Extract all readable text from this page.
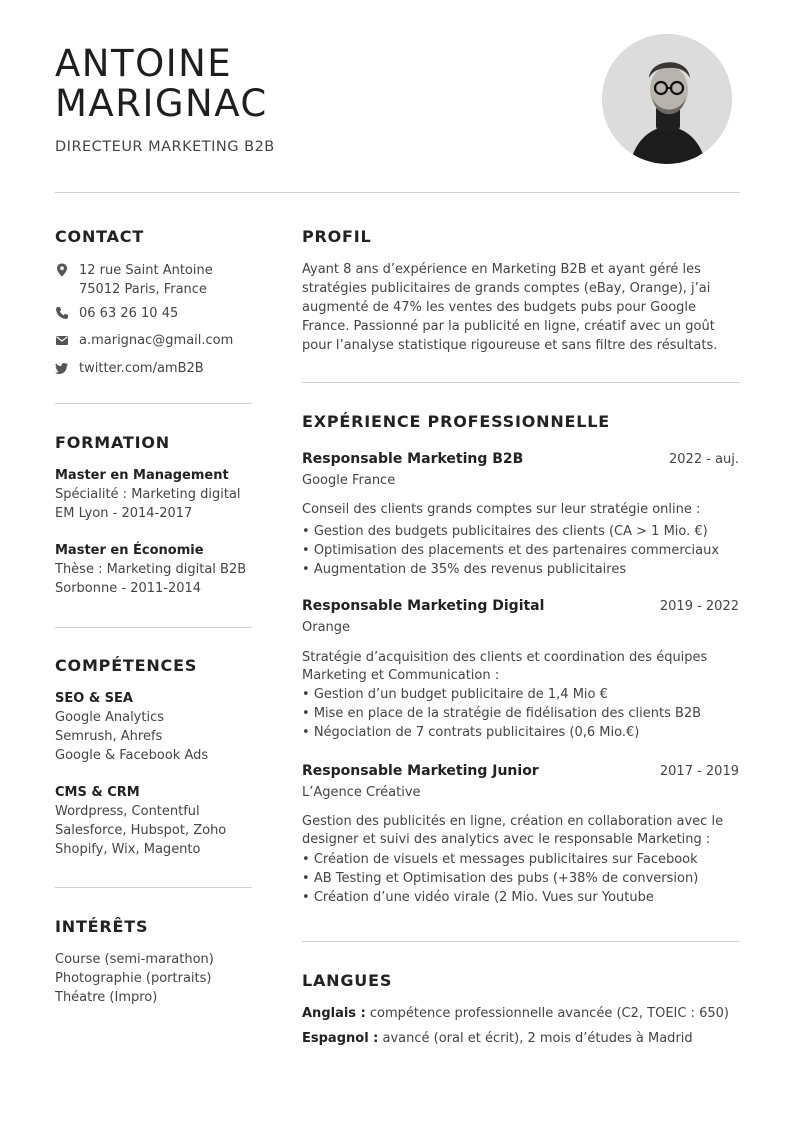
ANTOINE
MARIGNAC
DIRECTEUR MARKETING B2B
CONTACT
12 rue Saint Antoine
75012 Paris, France
06 63 26 10 45
a.marignac@gmail.com
twitter.com/amB2B
FORMATION
Master en Management
Spécialité : Marketing digital
EM Lyon - 2014-2017
Master en Économie
Thèse : Marketing digital B2B
Sorbonne - 2011-2014
COMPÉTENCES
SEO & SEA
Google Analytics
Semrush, Ahrefs
Google & Facebook Ads
CMS & CRM
Wordpress, Contentful
Salesforce, Hubspot, Zoho
Shopify, Wix, Magento
INTÉRÊTS
Course (semi-marathon)
Photographie (portraits)
Théatre (Impro)
PROFIL
Ayant 8 ans d’expérience en Marketing B2B et ayant géré les
stratégies publicitaires de grands comptes (eBay, Orange), j’ai
augmenté de 47% les ventes des budgets pubs pour Google
France. Passionné par la publicité en ligne, créatif avec un goût
pour l’analyse statistique rigoureuse et sans filtre des résultats.
EXPÉRIENCE PROFESSIONNELLE
Responsable Marketing B2B	2022 - auj.
Google France
Conseil des clients grands comptes sur leur stratégie online :
• Gestion des budgets publicitaires des clients (CA > 1 Mio. €)
• Optimisation des placements et des partenaires commerciaux
• Augmentation de 35% des revenus publicitaires
Responsable Marketing Digital	2019 - 2022
Orange
Stratégie d’acquisition des clients et coordination des équipes
Marketing et Communication :
• Gestion d’un budget publicitaire de 1,4 Mio €
• Mise en place de la stratégie de fidélisation des clients B2B
• Négociation de 7 contrats publicitaires (0,6 Mio.€)
Responsable Marketing Junior	2017 - 2019
L’Agence Créative
Gestion des publicités en ligne, création en collaboration avec le
designer et suivi des analytics avec le responsable Marketing :
• Création de visuels et messages publicitaires sur Facebook
• AB Testing et Optimisation des pubs (+38% de conversion)
• Création d’une vidéo virale (2 Mio. Vues sur Youtube
LANGUES
Anglais : compétence professionnelle avancée (C2, TOEIC : 650)
Espagnol : avancé (oral et écrit), 2 mois d’études à Madrid
